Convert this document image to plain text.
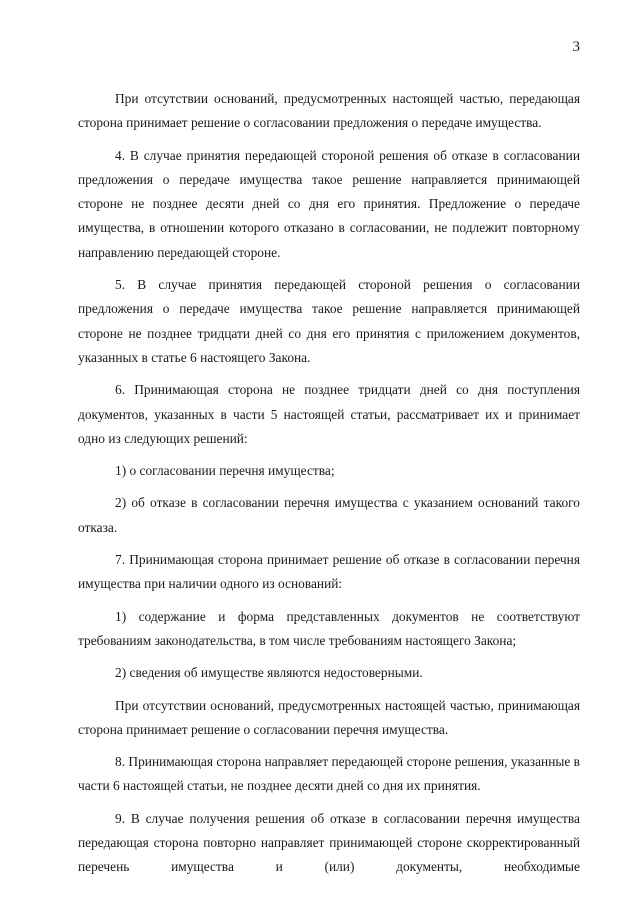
3

При отсутствии оснований, предусмотренных настоящей частью, передающая сторона принимает решение о согласовании предложения о передаче имущества.

4. В случае принятия передающей стороной решения об отказе в согласовании предложения о передаче имущества такое решение направляется принимающей стороне не позднее десяти дней со дня его принятия. Предложение о передаче имущества, в отношении которого отказано в согласовании, не подлежит повторному направлению передающей стороне.

5. В случае принятия передающей стороной решения о согласовании предложения о передаче имущества такое решение направляется принимающей стороне не позднее тридцати дней со дня его принятия с приложением документов, указанных в статье 6 настоящего Закона.

6. Принимающая сторона не позднее тридцати дней со дня поступления документов, указанных в части 5 настоящей статьи, рассматривает их и принимает одно из следующих решений:

1) о согласовании перечня имущества;

2) об отказе в согласовании перечня имущества с указанием оснований такого отказа.

7. Принимающая сторона принимает решение об отказе в согласовании перечня имущества при наличии одного из оснований:

1) содержание и форма представленных документов не соответствуют требованиям законодательства, в том числе требованиям настоящего Закона;

2) сведения об имуществе являются недостоверными.

При отсутствии оснований, предусмотренных настоящей частью, принимающая сторона принимает решение о согласовании перечня имущества.

8. Принимающая сторона направляет передающей стороне решения, указанные в части 6 настоящей статьи, не позднее десяти дней со дня их принятия.

9. В случае получения решения об отказе в согласовании перечня имущества передающая сторона повторно направляет принимающей стороне скорректированный перечень имущества и (или) документы, необходимые
